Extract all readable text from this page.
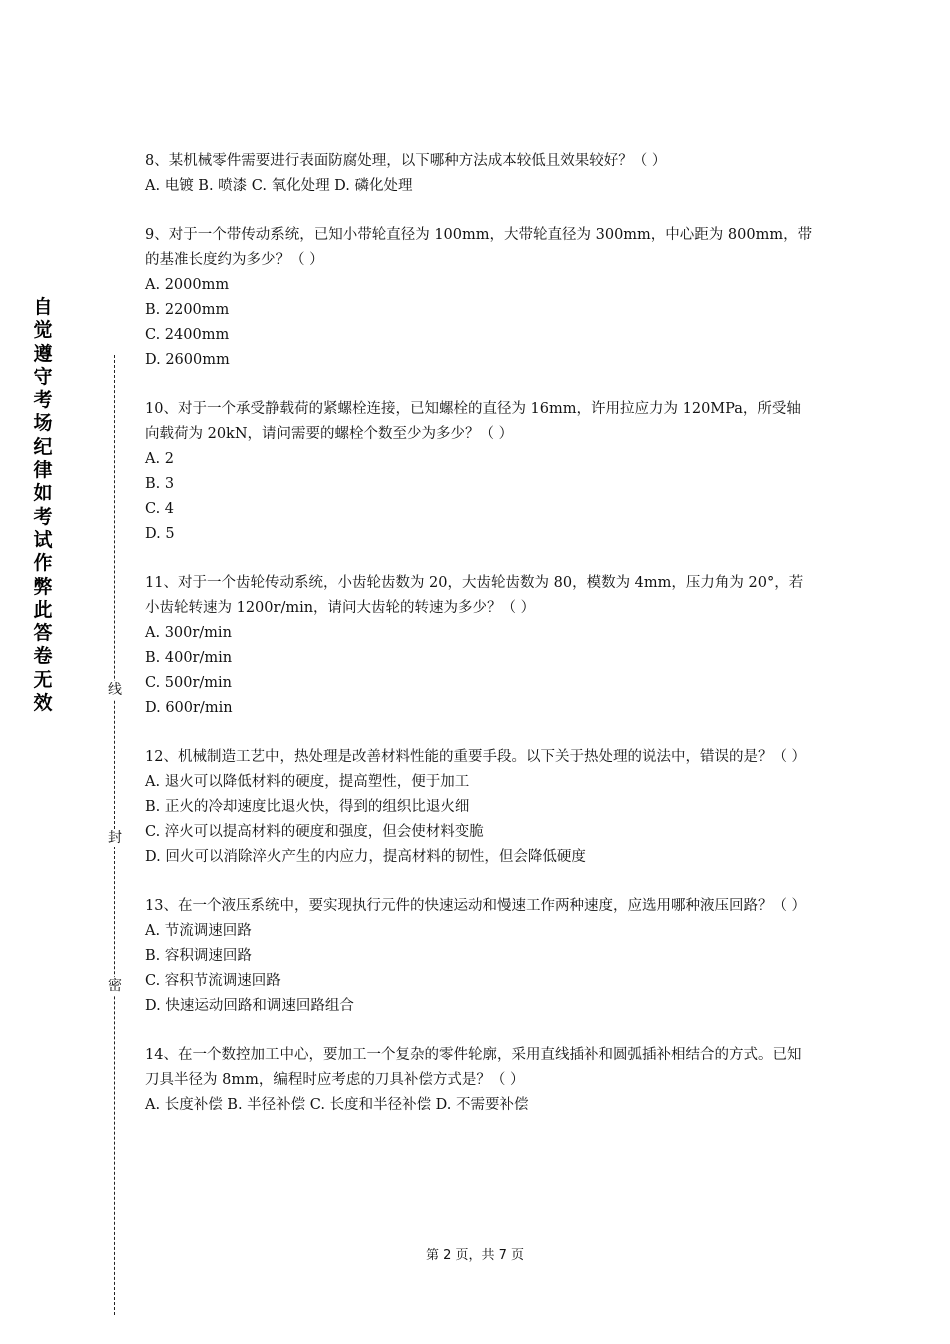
自觉遵守考场纪律如考试作弊此答卷无效
线
封
密

8、某机械零件需要进行表面防腐处理，以下哪种方法成本较低且效果较好？（ ）

A. 电镀 B. 喷漆 C. 氧化处理 D. 磷化处理

9、对于一个带传动系统，已知小带轮直径为 100mm，大带轮直径为 300mm，中心距为 800mm，带的基准长度约为多少？（ ）

A. 2000mm

B. 2200mm

C. 2400mm

D. 2600mm

10、对于一个承受静载荷的紧螺栓连接，已知螺栓的直径为 16mm，许用拉应力为 120MPa，所受轴向载荷为 20kN，请问需要的螺栓个数至少为多少？（ ）

A. 2

B. 3

C. 4

D. 5

11、对于一个齿轮传动系统，小齿轮齿数为 20，大齿轮齿数为 80，模数为 4mm，压力角为 20°，若小齿轮转速为 1200r/min，请问大齿轮的转速为多少？（ ）

A. 300r/min

B. 400r/min

C. 500r/min

D. 600r/min

12、机械制造工艺中，热处理是改善材料性能的重要手段。以下关于热处理的说法中，错误的是？（ ）

A. 退火可以降低材料的硬度，提高塑性，便于加工

B. 正火的冷却速度比退火快，得到的组织比退火细

C. 淬火可以提高材料的硬度和强度，但会使材料变脆

D. 回火可以消除淬火产生的内应力，提高材料的韧性，但会降低硬度

13、在一个液压系统中，要实现执行元件的快速运动和慢速工作两种速度，应选用哪种液压回路？（ ）

A. 节流调速回路

B. 容积调速回路

C. 容积节流调速回路

D. 快速运动回路和调速回路组合

14、在一个数控加工中心，要加工一个复杂的零件轮廓，采用直线插补和圆弧插补相结合的方式。已知刀具半径为 8mm，编程时应考虑的刀具补偿方式是？（ ）

A. 长度补偿 B. 半径补偿 C. 长度和半径补偿 D. 不需要补偿

第 2 页，共 7 页
